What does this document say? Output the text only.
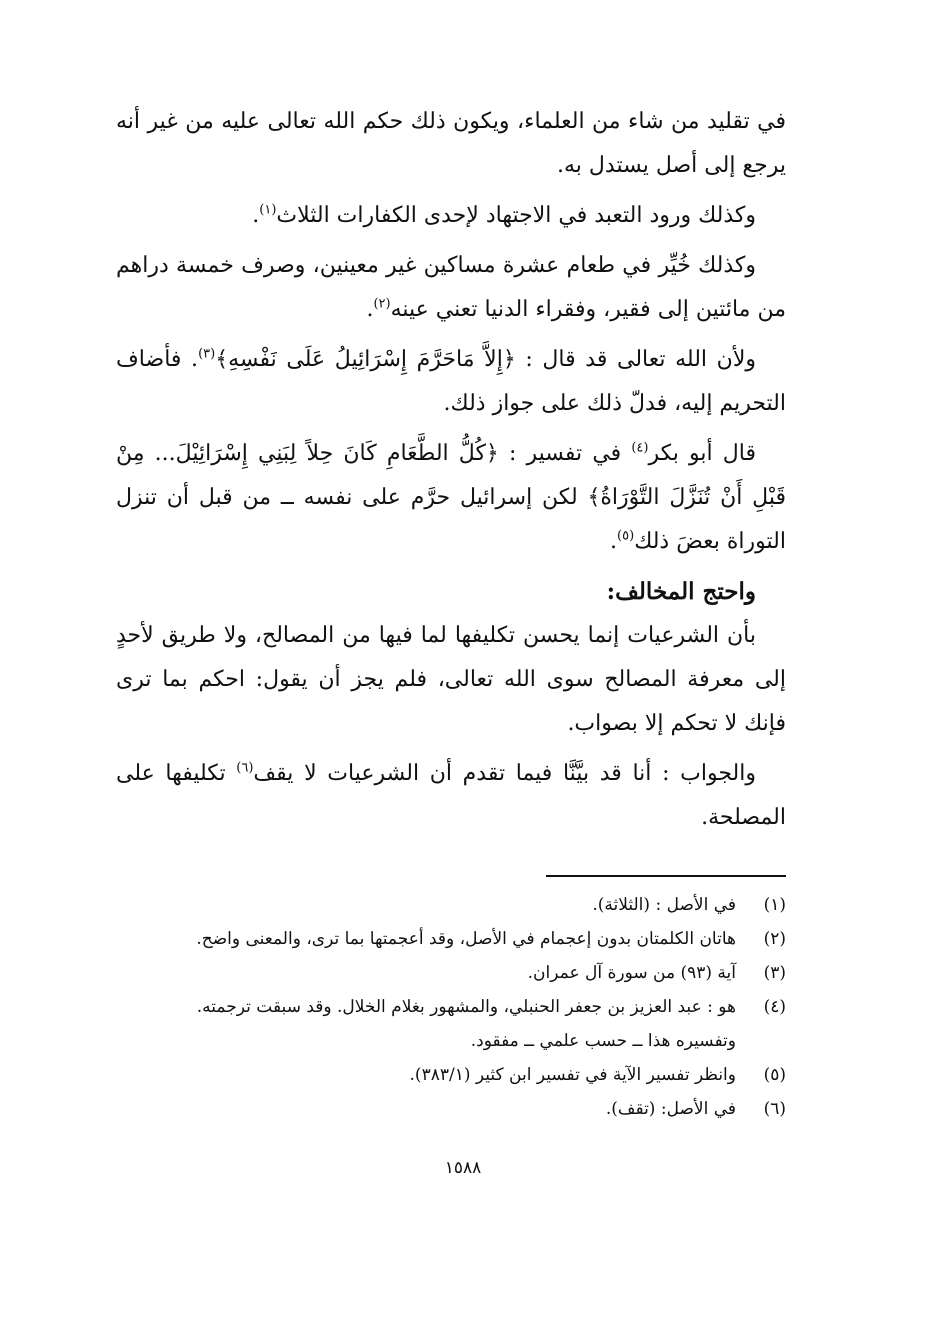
في تقليد من شاء من العلماء، ويكون ذلك حكم الله تعالى عليه من غير أنه يرجع إلى أصل يستدل به.

وكذلك ورود التعبد في الاجتهاد لإحدى الكفارات الثلاث$^{(١)}$.

وكذلك خُيِّر في طعام عشرة مساكين غير معينين، وصرف خمسة دراهم من مائتين إلى فقير، وفقراء الدنيا تعني عينه$^{(٢)}$.

ولأن الله تعالى قد قال : ﴿إِلاَّ مَاحَرَّمَ إِسْرَائِيلُ عَلَى نَفْسِهِ﴾$^{(٣)}$. فأضاف التحريم إليه، فدلّ ذلك على جواز ذلك.

قال أبو بكر$^{(٤)}$ في تفسير : ﴿كُلُّ الطَّعَامِ كَانَ حِلاً لِبَنِي إِسْرَائِيْلَ... مِنْ قَبْلِ أَنْ تُنَزَّلَ التَّوْرَاةُ﴾ لكن إسرائيل حرَّم على نفسه ــ من قبل أن تنزل التوراة بعضَ ذلك$^{(٥)}$.

واحتج المخالف:

بأن الشرعيات إنما يحسن تكليفها لما فيها من المصالح، ولا طريق لأحدٍ إلى معرفة المصالح سوى الله تعالى، فلم يجز أن يقول: احكم بما ترى فإنك لا تحكم إلا بصواب.

والجواب : أنا قد بيَّنَّا فيما تقدم أن الشرعيات لا يقف$^{(٦)}$ تكليفها على المصلحة.

(١)
في الأصل : (الثلاثة).
(٢)
هاتان الكلمتان بدون إعجمام في الأصل، وقد أعجمتها بما ترى، والمعنى واضح.
(٣)
آية (٩٣) من سورة آل عمران.
(٤)
هو : عبد العزيز بن جعفر الحنبلي، والمشهور بغلام الخلال. وقد سبقت ترجمته.
وتفسيره هذا ــ حسب علمي ــ مفقود.
(٥)
وانظر تفسير الآية في تفسير ابن كثير (٣٨٣/١).
(٦)
في الأصل: (تقف).
١٥٨٨
